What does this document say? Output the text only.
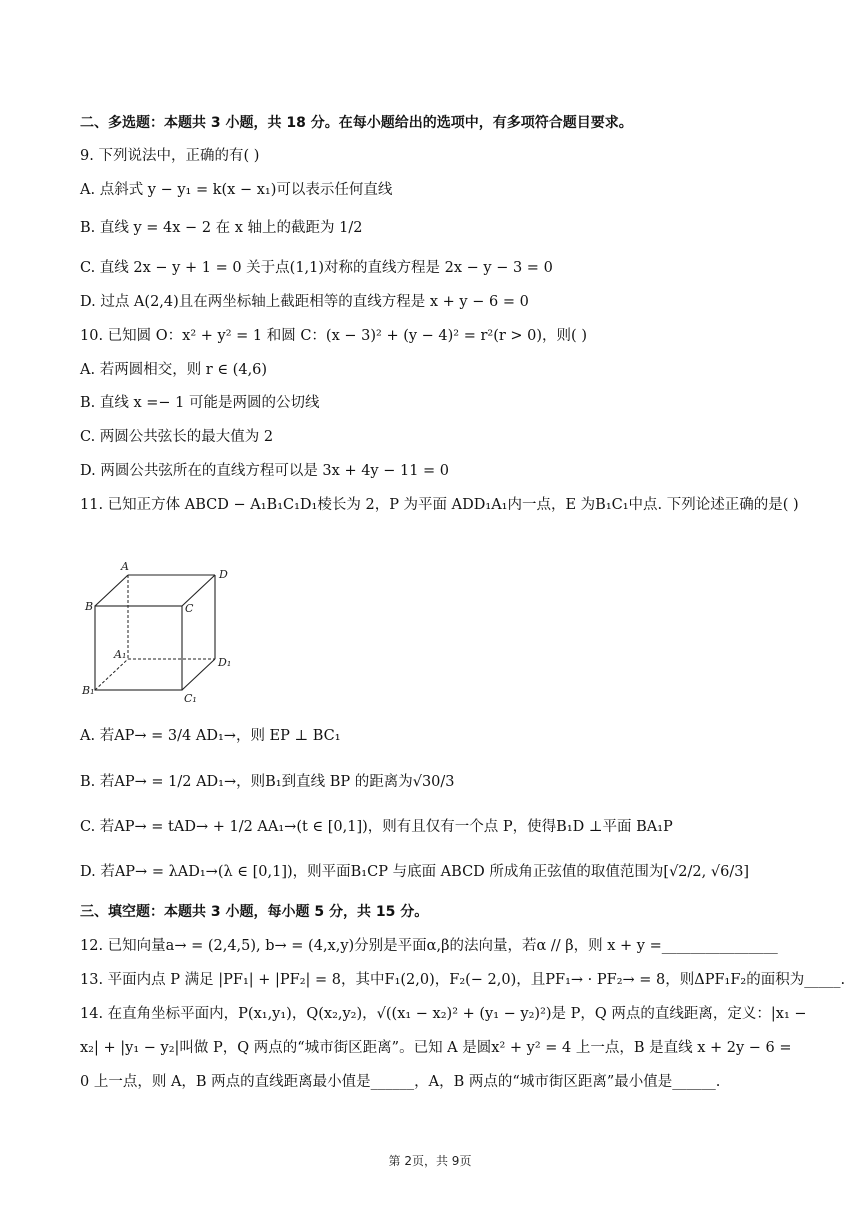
二、多选题：本题共 3 小题，共 18 分。在每小题给出的选项中，有多项符合题目要求。
9. 下列说法中，正确的有( )
A. 点斜式 y − y₁ = k(x − x₁)可以表示任何直线
B. 直线 y = 4x − 2 在 x 轴上的截距为 1/2
C. 直线 2x − y + 1 = 0 关于点(1,1)对称的直线方程是 2x − y − 3 = 0
D. 过点 A(2,4)且在两坐标轴上截距相等的直线方程是 x + y − 6 = 0
10. 已知圆 O：x² + y² = 1 和圆 C：(x − 3)² + (y − 4)² = r²(r > 0)，则( )
A. 若两圆相交，则 r ∈ (4,6)
B. 直线 x =− 1 可能是两圆的公切线
C. 两圆公共弦长的最大值为 2
D. 两圆公共弦所在的直线方程可以是 3x + 4y − 11 = 0
11. 已知正方体 ABCD − A₁B₁C₁D₁棱长为 2，P 为平面 ADD₁A₁内一点，E 为B₁C₁中点. 下列论述正确的是( )
A
D
B	C
A₁
D₁
B₁
C₁
A. 若AP→ = 3/4 AD₁→，则 EP ⊥ BC₁
B. 若AP→ = 1/2 AD₁→，则B₁到直线 BP 的距离为√30/3
C. 若AP→ = tAD→ + 1/2 AA₁→(t ∈ [0,1])，则有且仅有一个点 P，使得B₁D ⊥平面 BA₁P
D. 若AP→ = λAD₁→(λ ∈ [0,1])，则平面B₁CP 与底面 ABCD 所成角正弦值的取值范围为[√2/2, √6/3]
三、填空题：本题共 3 小题，每小题 5 分，共 15 分。
12. 已知向量a→ = (2,4,5), b→ = (4,x,y)分别是平面α,β的法向量，若α // β，则 x + y =________________
13. 平面内点 P 满足 |PF₁| + |PF₂| = 8，其中F₁(2,0)，F₂(− 2,0)，且PF₁→ · PF₂→ = 8，则ΔPF₁F₂的面积为_____.
14. 在直角坐标平面内，P(x₁,y₁)，Q(x₂,y₂)，√((x₁ − x₂)² + (y₁ − y₂)²)是 P，Q 两点的直线距离，定义：|x₁ −
x₂| + |y₁ − y₂|叫做 P，Q 两点的“城市街区距离”。已知 A 是圆x² + y² = 4 上一点，B 是直线 x + 2y − 6 =
0 上一点，则 A，B 两点的直线距离最小值是______，A，B 两点的“城市街区距离”最小值是______.
第 2页，共 9页
